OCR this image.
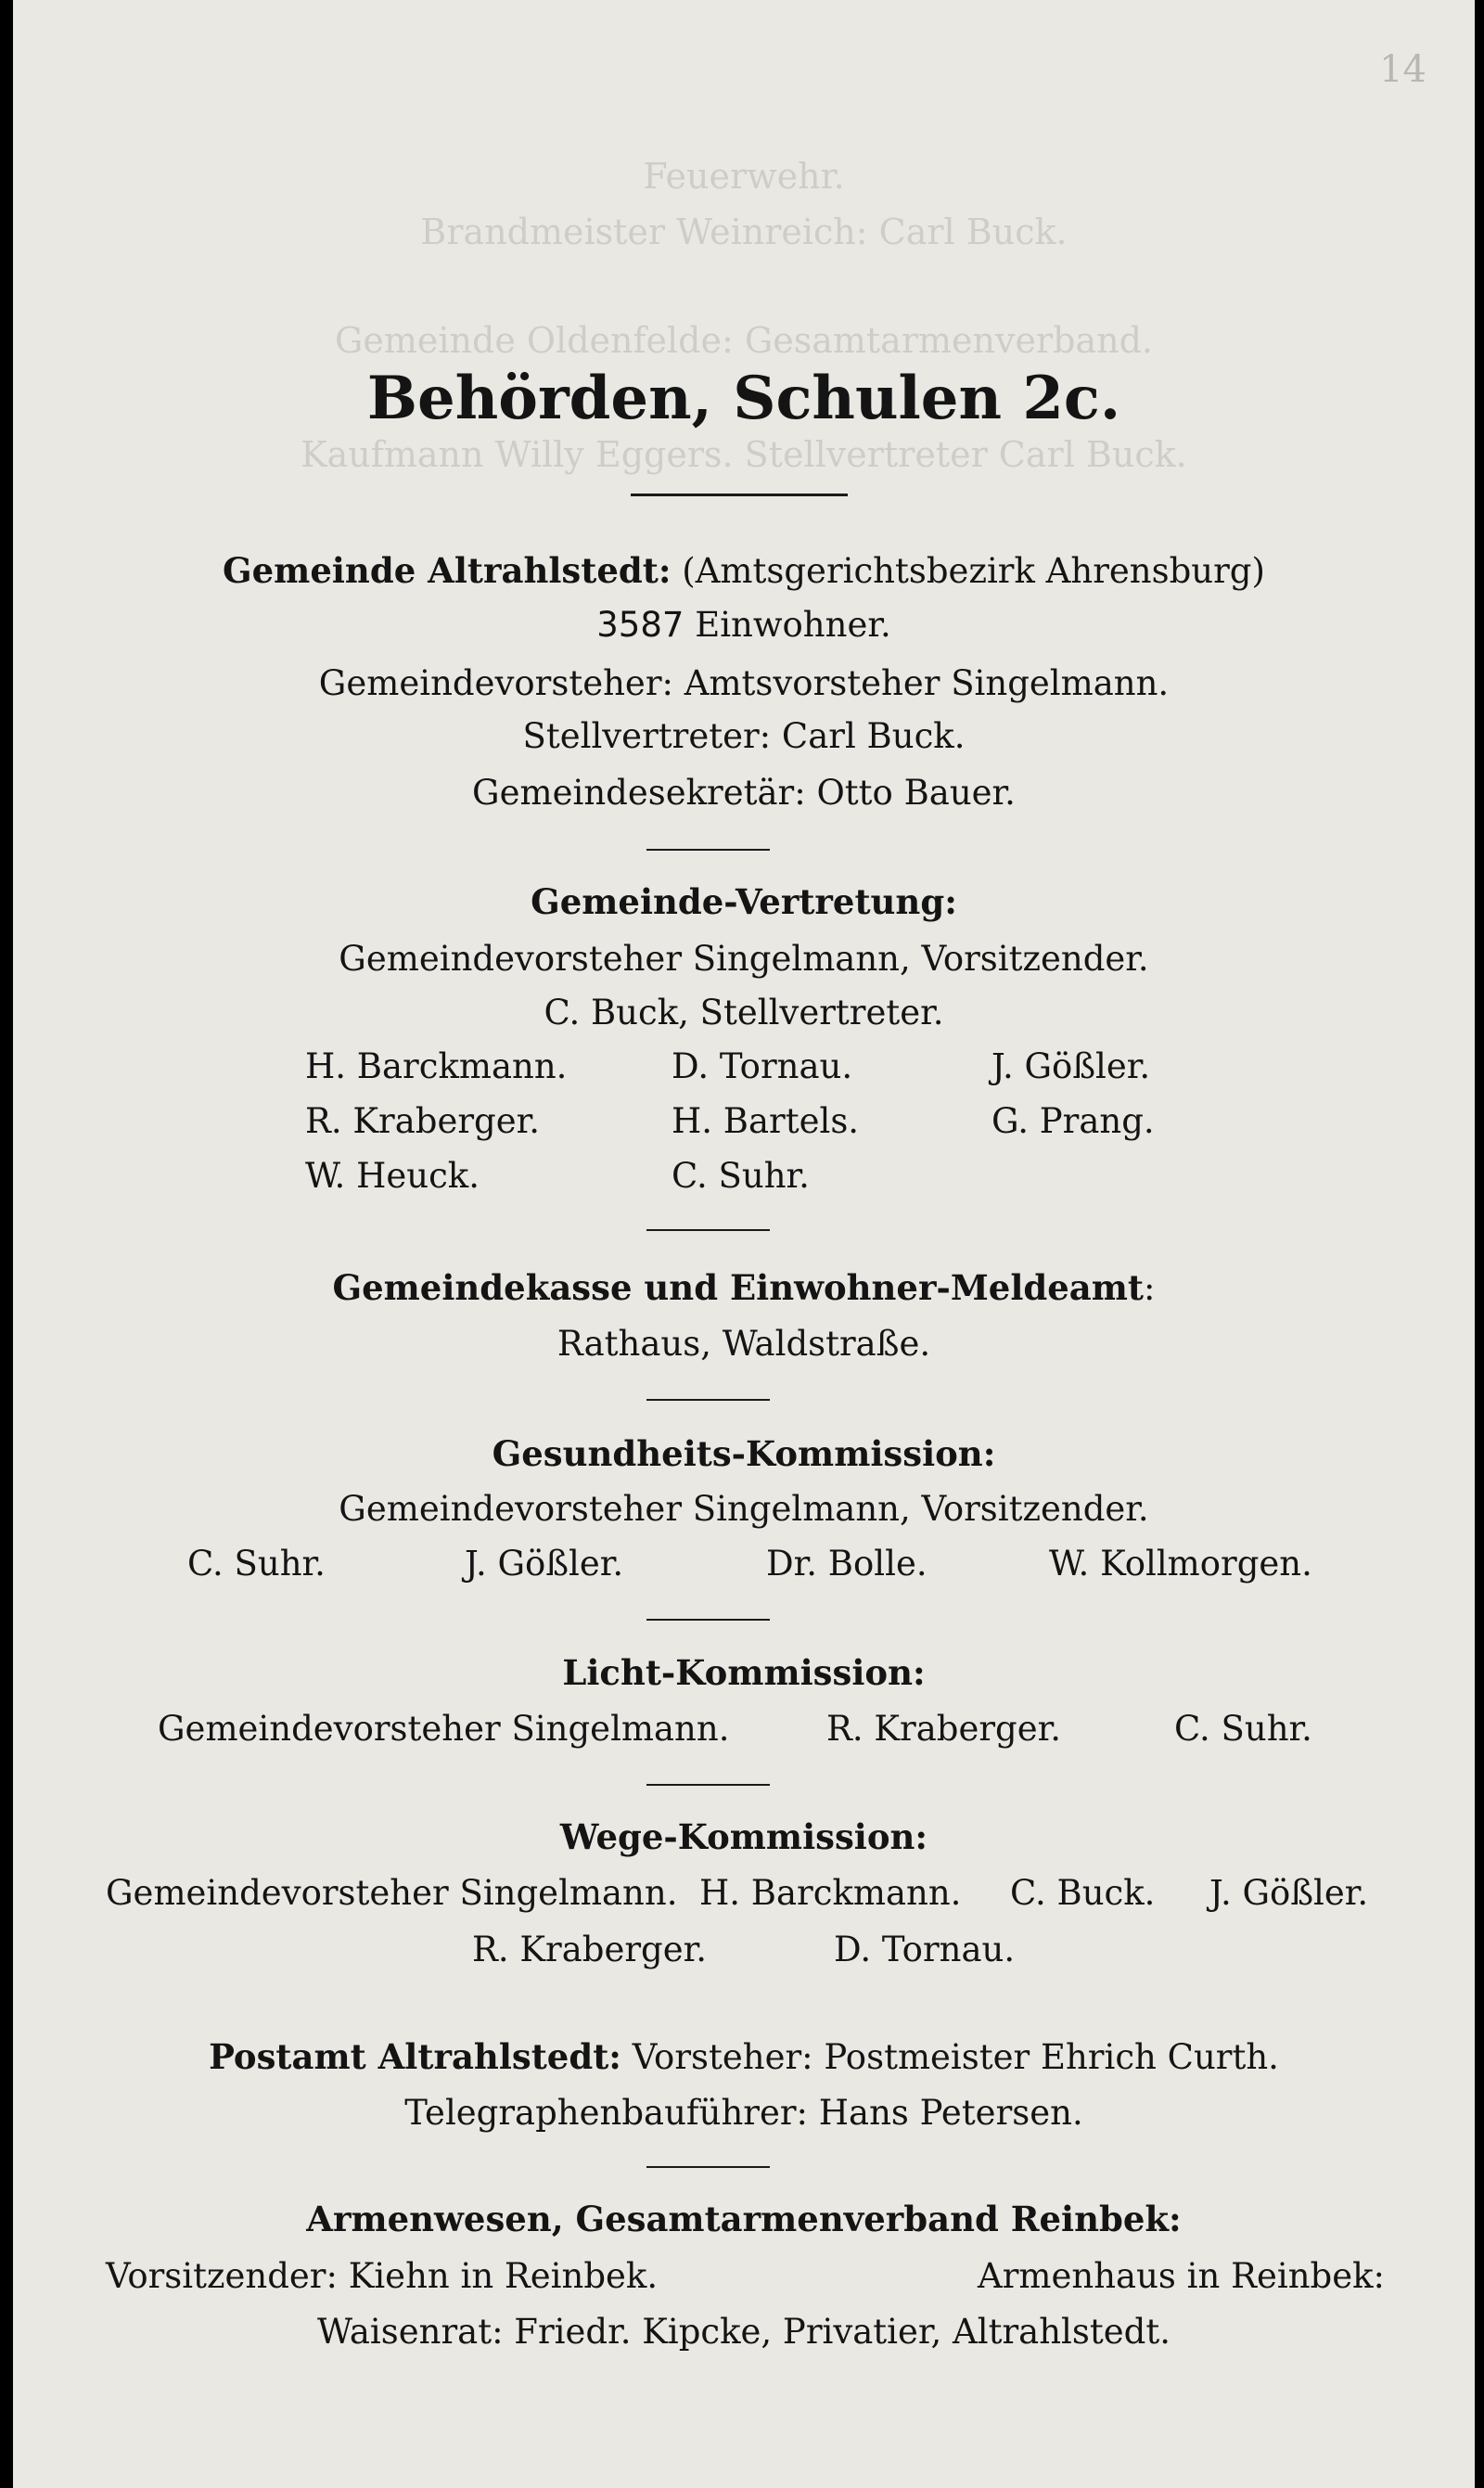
14
Feuerwehr.
Brandmeister Weinreich: Carl Buck.
Gemeinde Oldenfelde: Gesamtarmenverband.
Kaufmann Willy Eggers. Stellvertreter Carl Buck.
Behörden, Schulen 2c.
Gemeinde Altrahlstedt: (Amtsgerichtsbezirk Ahrensburg)
3587 Einwohner.
Gemeindevorsteher: Amtsvorsteher Singelmann.
Stellvertreter: Carl Buck.
Gemeindesekretär: Otto Bauer.
Gemeinde-Vertretung:
Gemeindevorsteher Singelmann, Vorsitzender.
C. Buck, Stellvertreter.
H. Barckmann.	D. Tornau.	J. Gößler.
R. Kraberger.	H. Bartels.	G. Prang.
W. Heuck.	C. Suhr.
Gemeindekasse und Einwohner-Meldeamt:
Rathaus, Waldstraße.
Gesundheits-Kommission:
Gemeindevorsteher Singelmann, Vorsitzender.
C. Suhr.	J. Gößler.	Dr. Bolle.	W. Kollmorgen.
Licht-Kommission:
Gemeindevorsteher Singelmann.	R. Kraberger.	C. Suhr.
Wege-Kommission:
Gemeindevorsteher Singelmann. H. Barckmann. C. Buck. J. Gößler.
R. Kraberger.	D. Tornau.
Postamt Altrahlstedt: Vorsteher: Postmeister Ehrich Curth.
Telegraphenbauführer: Hans Petersen.
Armenwesen, Gesamtarmenverband Reinbek:
Vorsitzender: Kiehn in Reinbek.	Armenhaus in Reinbek:
Waisenrat: Friedr. Kipcke, Privatier, Altrahlstedt.
